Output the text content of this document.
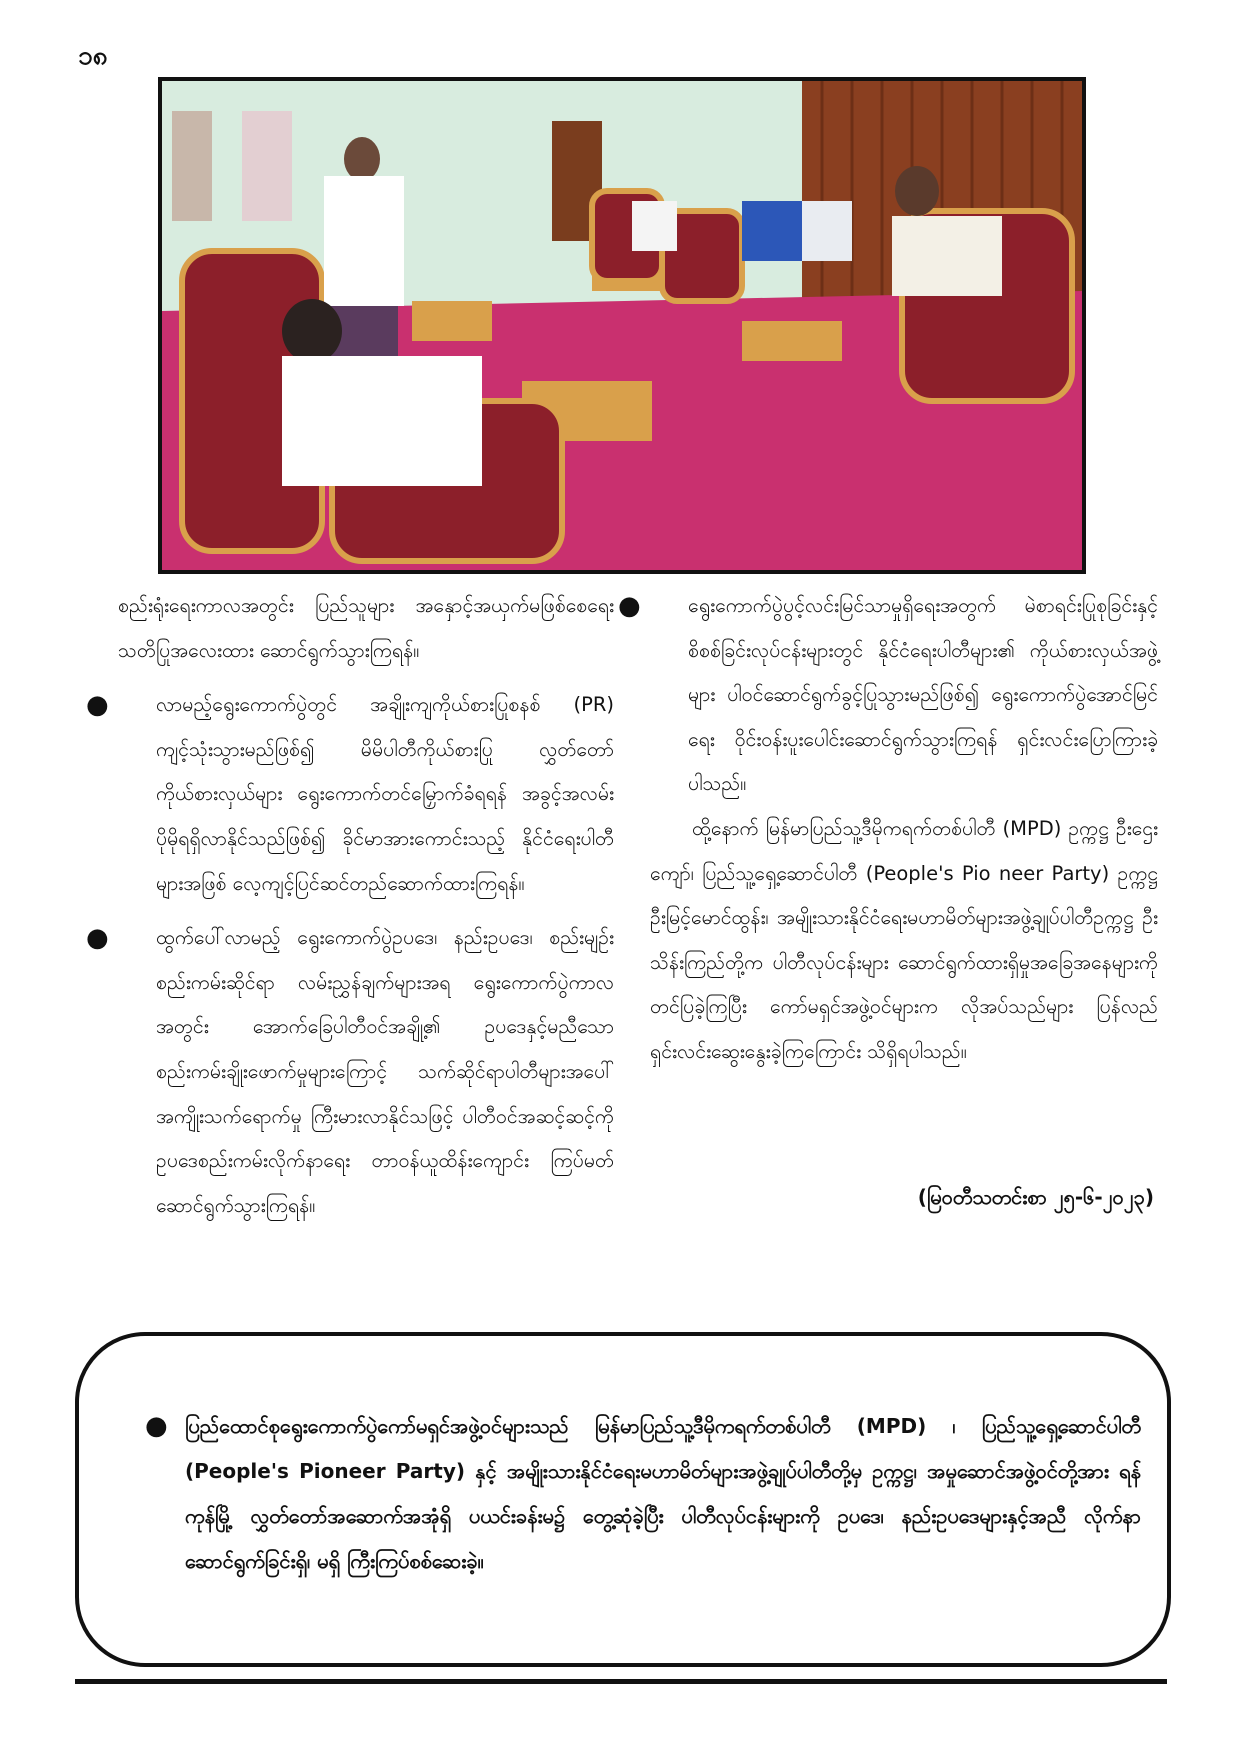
၁၈

စည်းရုံးရေးကာလအတွင်း ပြည်သူများ အနှောင့်အယှက်မဖြစ်စေရေး သတိပြုအလေးထား ဆောင်ရွက်သွားကြရန်။

● လာမည့်ရွေးကောက်ပွဲတွင် အချိုးကျကိုယ်စားပြုစနစ် (PR) ကျင့်သုံးသွားမည်ဖြစ်၍ မိမိပါတီကိုယ်စားပြု လွှတ်တော်ကိုယ်စားလှယ်များ ရွေးကောက်တင်မြှောက်ခံရရန် အခွင့်အလမ်းပိုမိုရရှိလာနိုင်သည်ဖြစ်၍ ခိုင်မာအားကောင်းသည့် နိုင်ငံရေးပါတီများအဖြစ် လေ့ကျင့်ပြင်ဆင်တည်ဆောက်ထားကြရန်။
● ထွက်ပေါ်လာမည့် ရွေးကောက်ပွဲဥပဒေ၊ နည်းဥပဒေ၊ စည်းမျဉ်းစည်းကမ်းဆိုင်ရာ လမ်းညွှန်ချက်များအရ ရွေးကောက်ပွဲကာလအတွင်း အောက်ခြေပါတီဝင်အချို့၏ ဥပဒေနှင့်မညီသော စည်းကမ်းချိုးဖောက်မှုများကြောင့် သက်ဆိုင်ရာပါတီများအပေါ် အကျိုးသက်ရောက်မှု ကြီးမားလာနိုင်သဖြင့် ပါတီဝင်အဆင့်ဆင့်ကို ဥပဒေစည်းကမ်းလိုက်နာရေး တာဝန်ယူထိန်းကျောင်း ကြပ်မတ်ဆောင်ရွက်သွားကြရန်။
● ရွေးကောက်ပွဲပွင့်လင်းမြင်သာမှုရှိရေးအတွက် မဲစာရင်းပြုစုခြင်းနှင့် စိစစ်ခြင်းလုပ်ငန်းများတွင် နိုင်ငံရေးပါတီများ၏ ကိုယ်စားလှယ်အဖွဲ့များ ပါဝင်ဆောင်ရွက်ခွင့်ပြုသွားမည်ဖြစ်၍ ရွေးကောက်ပွဲအောင်မြင်ရေး ဝိုင်းဝန်းပူးပေါင်းဆောင်ရွက်သွားကြရန် ရှင်းလင်းပြောကြားခဲ့ပါသည်။

ထို့နောက် မြန်မာပြည်သူ့ဒီမိုကရက်တစ်ပါတီ (MPD) ဥက္ကဋ္ဌ ဦးဌေးကျော်၊ ပြည်သူ့ရှေ့ဆောင်ပါတီ (People's Pio neer Party) ဥက္ကဋ္ဌ ဦးမြင့်မောင်ထွန်း၊ အမျိုးသားနိုင်ငံရေးမဟာမိတ်များအဖွဲ့ချုပ်ပါတီဥက္ကဋ္ဌ ဦးသိန်းကြည်တို့က ပါတီလုပ်ငန်းများ ဆောင်ရွက်ထားရှိမှုအခြေအနေများကို တင်ပြခဲ့ကြပြီး ကော်မရှင်အဖွဲ့ဝင်များက လိုအပ်သည်များ ပြန်လည်ရှင်းလင်းဆွေးနွေးခဲ့ကြကြောင်း သိရှိရပါသည်။

(မြဝတီသတင်းစာ ၂၅-၆-၂၀၂၃)
● ပြည်ထောင်စုရွေးကောက်ပွဲကော်မရှင်အဖွဲ့ဝင်များသည် မြန်မာပြည်သူ့ဒီမိုကရက်တစ်ပါတီ (MPD) ၊ ပြည်သူ့ရှေ့ဆောင်ပါတီ (People's Pioneer Party) နှင့် အမျိုးသားနိုင်ငံရေးမဟာမိတ်များအဖွဲ့ချုပ်ပါတီတို့မှ ဥက္ကဋ္ဌ၊ အမှုဆောင်အဖွဲ့ဝင်တို့အား ရန်ကုန်မြို့ လွှတ်တော်အဆောက်အအုံရှိ ပယင်းခန်းမ၌ တွေ့ဆုံခဲ့ပြီး ပါတီလုပ်ငန်းများကို ဥပဒေ၊ နည်းဥပဒေများနှင့်အညီ လိုက်နာဆောင်ရွက်ခြင်းရှိ၊ မရှိ ကြီးကြပ်စစ်ဆေးခဲ့။
